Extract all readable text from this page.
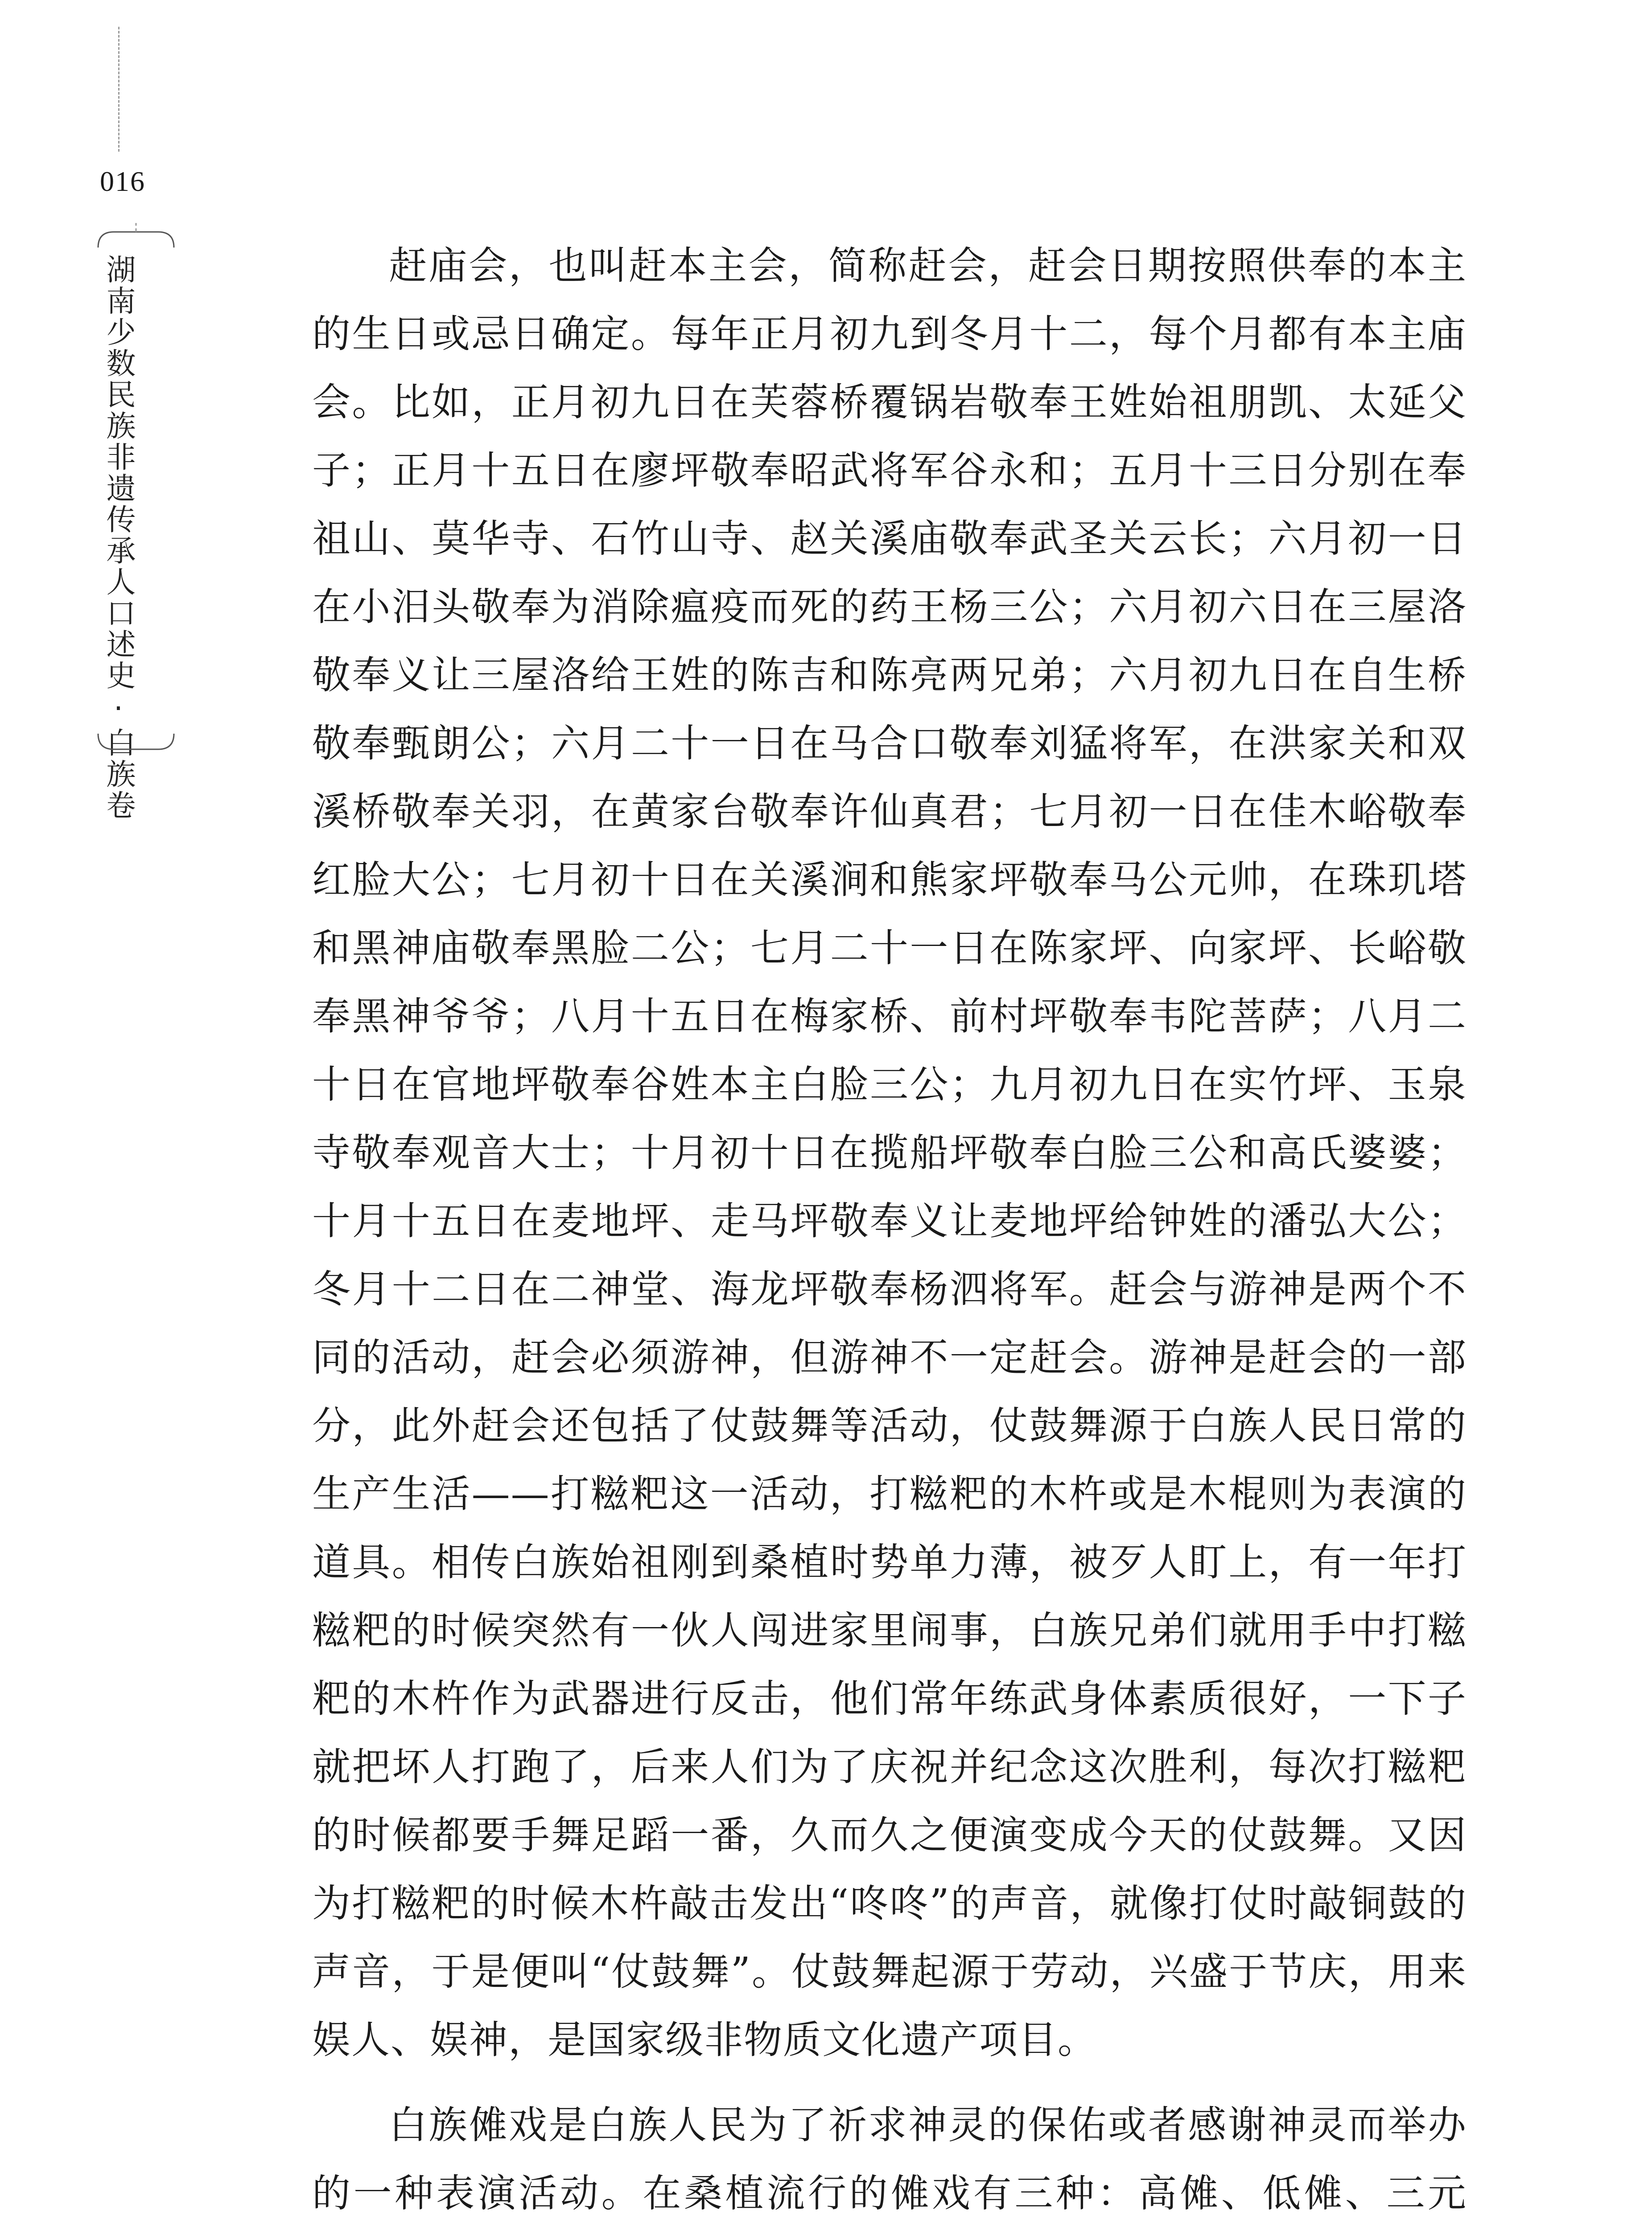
016
湖南少数民族非遗传承人口述史·白族卷	赶庙会，也叫赶本主会，简称赶会，赶会日期按照供奉的本主的生日或忌日确定。每年正月初九到冬月十二，每个月都有本主庙会。比如，正月初九日在芙蓉桥覆锅岩敬奉王姓始祖朋凯、太延父子；正月十五日在廖坪敬奉昭武将军谷永和；五月十三日分别在奉祖山、莫华寺、石竹山寺、赵关溪庙敬奉武圣关云长；六月初一日在小汨头敬奉为消除瘟疫而死的药王杨三公；六月初六日在三屋洛敬奉义让三屋洛给王姓的陈吉和陈亮两兄弟；六月初九日在自生桥敬奉甄朗公；六月二十一日在马合口敬奉刘猛将军，在洪家关和双溪桥敬奉关羽，在黄家台敬奉许仙真君；七月初一日在佳木峪敬奉红脸大公；七月初十日在关溪涧和熊家坪敬奉马公元帅，在珠玑塔和黑神庙敬奉黑脸二公；七月二十一日在陈家坪、向家坪、长峪敬奉黑神爷爷；八月十五日在梅家桥、前村坪敬奉韦陀菩萨；八月二十日在官地坪敬奉谷姓本主白脸三公；九月初九日在实竹坪、玉泉寺敬奉观音大士；十月初十日在揽船坪敬奉白脸三公和高氏婆婆；十月十五日在麦地坪、走马坪敬奉义让麦地坪给钟姓的潘弘大公；冬月十二日在二神堂、海龙坪敬奉杨泗将军。赶会与游神是两个不同的活动，赶会必须游神，但游神不一定赶会。游神是赶会的一部分，此外赶会还包括了仗鼓舞等活动，仗鼓舞源于白族人民日常的生产生活——打糍粑这一活动，打糍粑的木杵或是木棍则为表演的道具。相传白族始祖刚到桑植时势单力薄，被歹人盯上，有一年打糍粑的时候突然有一伙人闯进家里闹事，白族兄弟们就用手中打糍粑的木杵作为武器进行反击，他们常年练武身体素质很好，一下子就把坏人打跑了，后来人们为了庆祝并纪念这次胜利，每次打糍粑的时候都要手舞足蹈一番，久而久之便演变成今天的仗鼓舞。又因为打糍粑的时候木杵敲击发出“咚咚”的声音，就像打仗时敲铜鼓的声音，于是便叫“仗鼓舞”。仗鼓舞起源于劳动，兴盛于节庆，用来娱人、娱神，是国家级非物质文化遗产项目。

白族傩戏是白族人民为了祈求神灵的保佑或者感谢神灵而举办的一种表演活动。在桑植流行的傩戏有三种：高傩、低傩、三元
